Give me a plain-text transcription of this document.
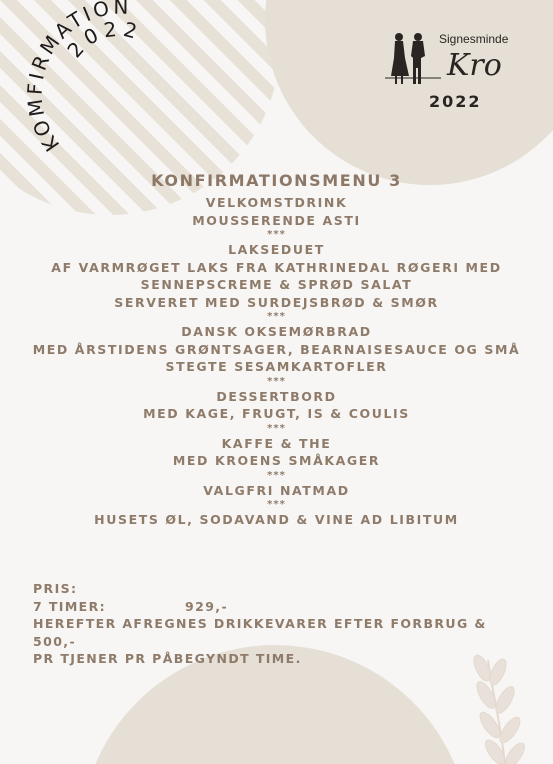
KOMFIRMATION
2022	Signesminde
Kro
2022
KONFIRMATIONSMENU 3
VELKOMSTDRINK
MOUSSERENDE ASTI
***
LAKSEDUET
AF VARMRØGET LAKS FRA KATHRINEDAL RØGERI MED
SENNEPSCREME & SPRØD SALAT
SERVERET MED SURDEJSBRØD & SMØR
***
DANSK OKSEMØRBRAD
MED ÅRSTIDENS GRØNTSAGER, BEARNAISESAUCE OG SMÅ
STEGTE SESAMKARTOFLER
***
DESSERTBORD
MED KAGE, FRUGT, IS & COULIS
***
KAFFE & THE
MED KROENS SMÅKAGER
***
VALGFRI NATMAD
***
HUSETS ØL, SODAVAND & VINE AD LIBITUM
PRIS:
7 TIMER:	929,-
HEREFTER AFREGNES DRIKKEVARER EFTER FORBRUG & 500,-
PR TJENER PR PÅBEGYNDT TIME.
